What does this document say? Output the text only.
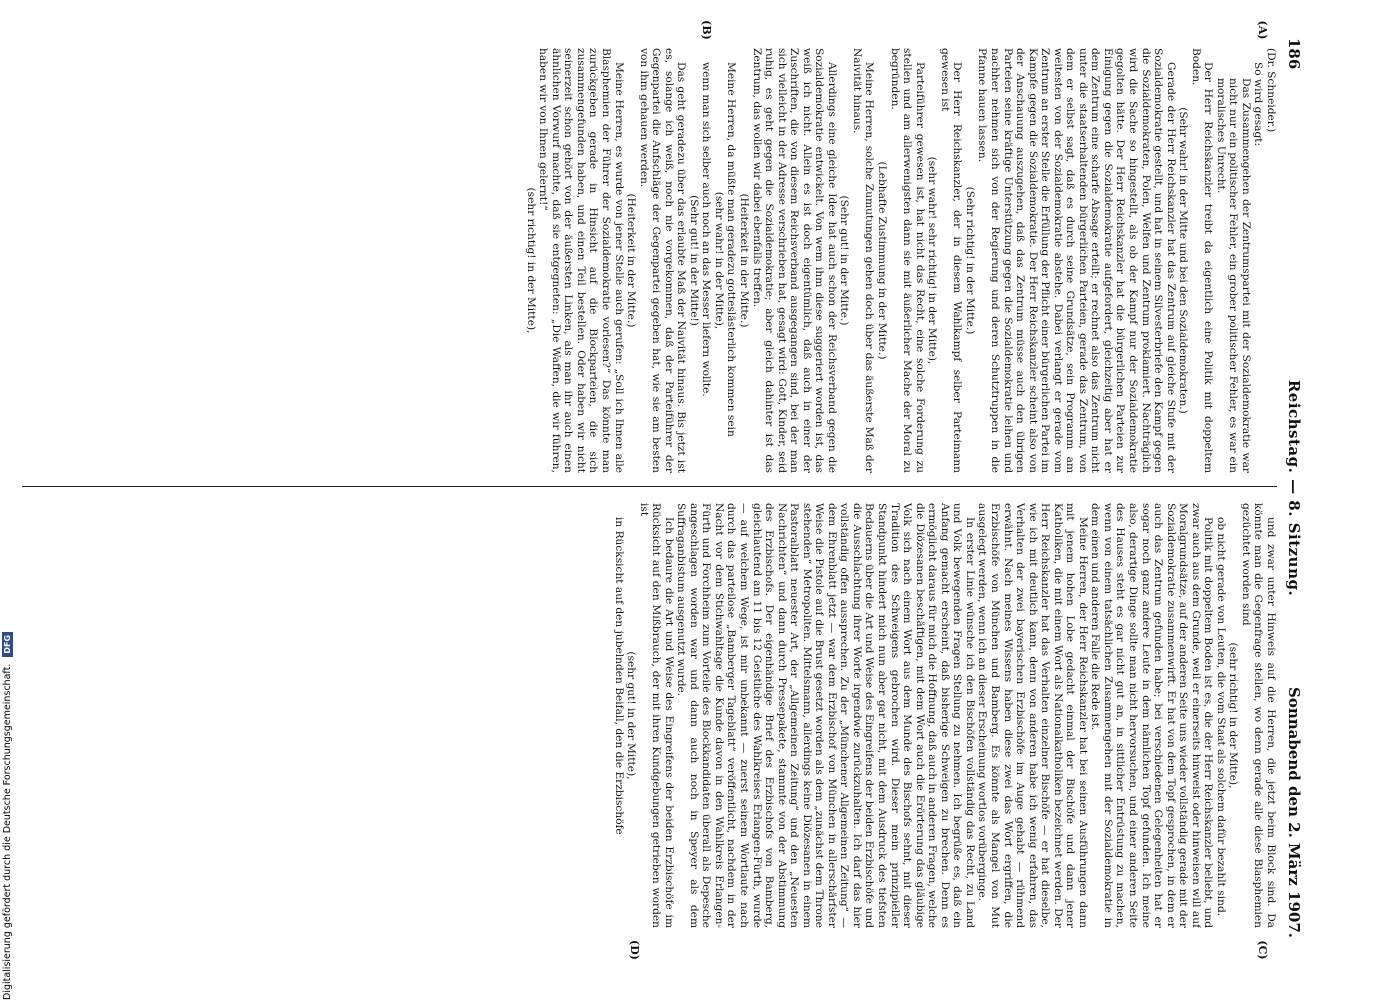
186
Reichstag. — 8. Sitzung.
Sonnabend den 2. März 1907.
(A)
(B)
(C)
(D)

(Dr. Schneider.)

So wird gesagt:

Das Zusammengehen der Zentrumspartei mit der Sozialdemokratie war nicht nur ein politischer Fehler, ein grober politischer Fehler, es war ein moralisches Unrecht.

Der Herr Reichskanzler treibt da eigentlich eine Politik mit doppeltem Boden.

(Sehr wahr! in der Mitte und bei den Sozialdemokraten.)

Gerade der Herr Reichskanzler hat das Zentrum auf gleiche Stufe mit der Sozialdemokratie gestellt, und hat in seinem Silvesterbriefe den Kampf gegen die Sozialdemokraten, Polen, Welfen und Zentrum proklamiert. Nachträglich wird die Sache so hingestellt, als ob der Kampf nur der Sozialdemokratie gegolten hätte. Der Herr Reichskanzler hat die bürgerlichen Parteien zur Einigung gegen die Sozialdemokratie aufgefordert, gleichzeitig aber hat er dem Zentrum eine scharfe Absage erteilt; er rechnet also das Zentrum nicht unter die staatserhaltenden bürgerlichen Parteien, gerade das Zentrum, von dem er selbst sagt, daß es durch seine Grundsätze, sein Programm am weitesten von der Sozialdemokratie abstehe. Dabei verlangt er gerade vom Zentrum an erster Stelle die Erfüllung der Pflicht einer bürgerlichen Partei im Kampfe gegen die Sozialdemokratie. Der Herr Reichskanzler scheint also von der Anschauung auszugehen, daß das Zentrum müsse auch den übrigen Parteien seine kräftige Unterstützung gegen die Sozialdemokratie leihen und nachher nehmen sich von der Regierung und deren Schutztruppen in die Pfanne hauen lassen.

(Sehr richtig! in der Mitte.)

Der Herr Reichskanzler, der in diesem Wahlkampf selber Parteimann gewesen ist

(sehr wahr! sehr richtig! in der Mitte),

Parteiführer gewesen ist, hat nicht das Recht, eine solche Forderung zu stellen und am allerwenigsten dann sie mit äußerlicher Mache der Moral zu begründen.

(Lebhafte Zustimmung in der Mitte.)

Meine Herren, solche Zumutungen gehen doch über das äußerste Maß der Naivität hinaus.

(Sehr gut! in der Mitte.)

Allerdings eine gleiche Idee hat auch schon der Reichsverband gegen die Sozialdemokratie entwickelt. Von wem ihm diese suggeriert worden ist, das weiß ich nicht. Allein es ist doch eigentümlich, daß auch in einer der Zuschriften, die von diesem Reichsverband ausgegangen sind, bei der man sich vielleicht in der Adresse verschrieben hat, gesagt wird: Gott, Kinder, seid ruhig, es geht gegen die Sozialdemokratie; aber gleich dahinter ist das Zentrum, das wollen wir dabei ebenfalls treffen.

(Heiterkeit in der Mitte.)

Meine Herren, da müßte man geradezu gotteslästerlich kommen sein

(sehr wahr! in der Mitte),

wenn man sich selber auch noch an das Messer liefern wollte.

(Sehr gut! in der Mitte!)

Das geht geradezu über das erlaubte Maß der Naivität hinaus. Bis jetzt ist es, solange ich weiß, noch nie vorgekommen, daß der Parteiführer der Gegenpartei die Anfschläge der Gegenpartei gegeben hat, wie sie am besten von ihm gehauen werden.

(Heiterkeit in der Mitte.)

Meine Herren, es wurde von jener Stelle auch gerufen: „Soll ich Ihnen alle Blasphemien der Führer der Sozialdemokratie vorlesen?“ Das könnte man zurückgeben gerade in Hinsicht auf die Blockparteien, die sich zusammengefunden haben, und einen Teil bestellen. Oder haben wir nicht seinerzeit schon gehört von der äußersten Linken, als man ihr auch einen ähnlichen Vorwurf machte, daß sie entgegneten: „Die Waffen, die wir führen, haben wir von Ihnen gelernt!“

(sehr richtig! in der Mitte),

und zwar unter Hinweis auf die Herren, die jetzt beim Block sind. Da könnte man die Gegenfrage stellen, wo denn gerade alle diese Blasphemien gezüchtet worden sind

(sehr richtig! in der Mitte),

ob nicht gerade von Leuten, die vom Staat als solchem dafür bezahlt sind.

Politik mit doppeltem Boden ist es, die der Herr Reichskanzler beliebt, und zwar auch aus dem Grunde, weil er einerseits hinweist oder hinweisen will auf Moralgrundsätze, auf der anderen Seite uns wieder vollständig gerade mit der Sozialdemokratie zusammenwirft. Er hat von dem Topf gesprochen, in dem er auch das Zentrum gefunden habe; bei verschiedenen Gelegenheiten hat er sogar noch ganz andere Leute in dem nämlichen Topf gefunden. Ich meine also, derartige Dinge sollte man nicht hervorsuchen, und einer anderen Seite des Hauses steht es gar nicht gut an, in sittlicher Entrüstung zu machen, wenn von einem tatsächlichen Zusammengehen mit der Sozialdemokratie in dem einen und anderen Falle die Rede ist.

Meine Herren, der Herr Reichskanzler hat bei seinen Ausführungen dann mit jenem hohen Lobe gedacht einmal der Bischöfe und dann jener Katholiken, die mit einem Wort als Nationalkatholiken bezeichnet werden. Der Herr Reichskanzler hat das Verhalten einzelner Bischöfe — er hat dieselbe, wie ich mit deutlich kann, denn von anderen habe ich wenig erfahren, das Verhalten der zwei bayerischen Erzbischöfe im Auge gehabt — rühmend erwähnt. Nach meines Wissens haben diese zwei das Wort ergriffen, die Erzbischöfe von München und Bamberg. Es könnte als Mangel von Mut ausgelegt werden, wenn ich an dieser Erscheinung wortlos vorüberginge.

In erster Linie wünsche ich den Bischöfen vollständig das Recht, zu Land und Volk bewegenden Fragen Stellung zu nehmen. Ich begrüße es, daß ein Anfang gemacht erscheint, daß bisherige Schweigen zu brechen. Denn es ermöglicht daraus für mich die Hoffnung, daß auch in anderen Fragen, welche die Diözesanen beschäftigen, mit dem Wort auch die Erörterung das gläubige Volk sich nach einem Wort aus dem Munde des Bischofs sehnt, mit dieser Tradition des Schweigens gebrochen wird. Dieser mein prinzipieller Standpunkt hindert mich nun aber gar nicht, mit dem Ausdruck des tiefsten Bedauerns über die Art und Weise des Eingreifens der beiden Erzbischöfe und die Ausschlachtung ihrer Worte irgendwie zurückzuhalten. Ich darf das hier vollständig offen aussprechen. Zu der „Münchener Allgemeinen Zeitung“ — dem Ehrenblatt jetzt — war dem Erzbischof von München in allerschärfster Weise die Pistole auf die Brust gesetzt worden als dem „zunächst dem Throne stehenden“ Metropoliten. Mittelsmann, allerdings keine Diözesanen in einem Pastoralblatt neuester Art, der „Allgemeinen Zeitung“ und den „Neuesten Nachrichten“ und dann durch Pressepakete, stammte von der Abstimmung des Erzbischofs. Der eigenhändige Brief des Erzbischofs von Bamberg, gleichlautend am 11 bis 12 Geistliche des Wahlkreises Erlangen-Fürth, wurde — auf welchem Wege, ist mir unbekannt — zuerst seinem Wortlaute nach durch das parteilose „Bamberger Tageblatt“ veröffentlicht, nachdem in der Nacht vor dem Stichwahltage die Kunde davon in den Wahlkreis Erlangen-Fürth und Forchheim zum Vorteile des Blockkandidaten überall als Depesche angeschlagen worden war und dann auch noch in Speyer als dem Suffraganbistum ausgenutzt wurde.

Ich bedaure die Art und Weise des Eingreifens der beiden Erzbischöfe im Rücksicht auf den Mißbrauch, der mit ihren Kundgebungen getrieben worden ist

(sehr gut! in der Mitte),

in Rücksicht auf den jubelnden Beifall, den die Erzbischöfe

Digitalisierung gefördert durch die Deutsche Forschungsgemeinschaft. DFG
